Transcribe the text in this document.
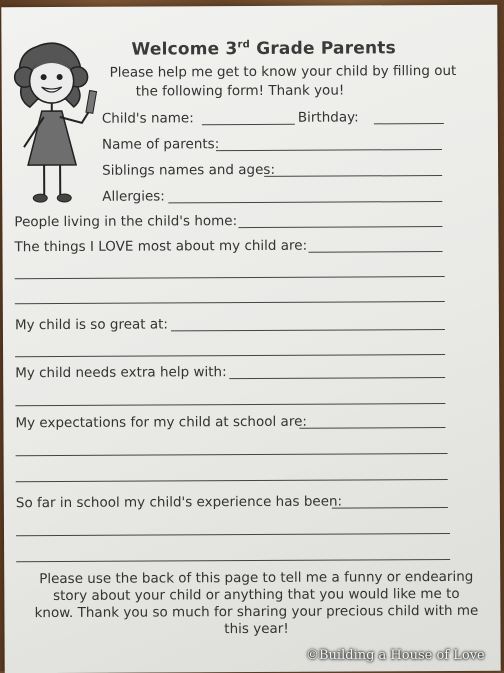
Welcome 3rd Grade Parents
Please help me get to know your child by filling out
the following form! Thank you!
Child's name:	Birthday:
Name of parents:
Siblings names and ages:
Allergies:
People living in the child's home:
The things I LOVE most about my child are:
My child is so great at:
My child needs extra help with:
My expectations for my child at school are:
So far in school my child's experience has been:
Please use the back of this page to tell me a funny or endearing
story about your child or anything that you would like me to
know. Thank you so much for sharing your precious child with me
this year!
©Building a House of Love
